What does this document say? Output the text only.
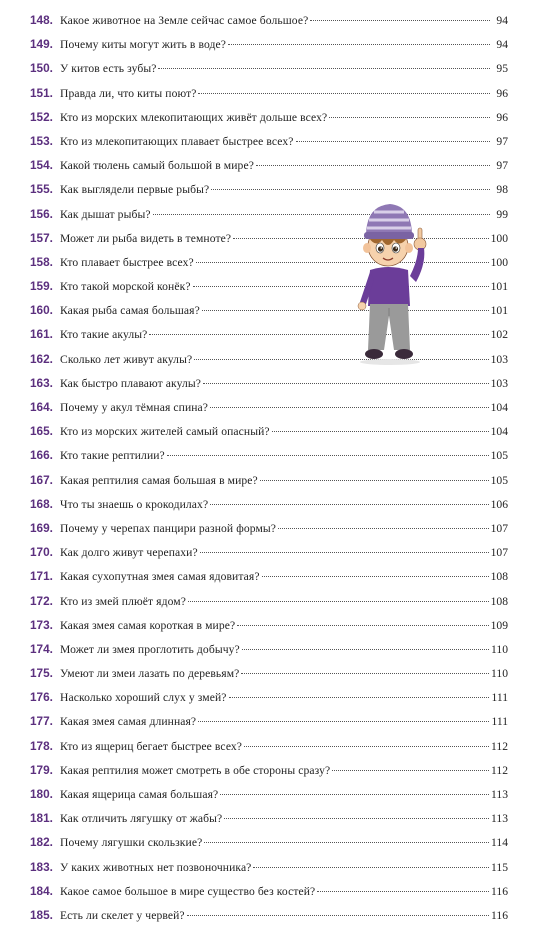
148. Какое животное на Земле сейчас самое большое?	94
149. Почему киты могут жить в воде?	94
150. У китов есть зубы?	95
151. Правда ли, что киты поют?	96
152. Кто из морских млекопитающих живёт дольше всех?	96
153. Кто из млекопитающих плавает быстрее всех?	97
154. Какой тюлень самый большой в мире?	97
155. Как выглядели первые рыбы?	98
156. Как дышат рыбы?	99
157. Может ли рыба видеть в темноте?	100
158. Кто плавает быстрее всех?	100
159. Кто такой морской конёк?	101
160. Какая рыба самая большая?	101
161. Кто такие акулы?	102
162. Сколько лет живут акулы?	103
163. Как быстро плавают акулы?	103
164. Почему у акул тёмная спина?	104
165. Кто из морских жителей самый опасный?	104
166. Кто такие рептилии?	105
167. Какая рептилия самая большая в мире?	105
168. Что ты знаешь о крокодилах?	106
169. Почему у черепах панцири разной формы?	107
170. Как долго живут черепахи?	107
171. Какая сухопутная змея самая ядовитая?	108
172. Кто из змей плюёт ядом?	108
173. Какая змея самая короткая в мире?	109
174. Может ли змея проглотить добычу?	110
175. Умеют ли змеи лазать по деревьям?	110
176. Насколько хороший слух у змей?	111
177. Какая змея самая длинная?	111
178. Кто из ящериц бегает быстрее всех?	112
179. Какая рептилия может смотреть в обе стороны сразу?	112
180. Какая ящерица самая большая?	113
181. Как отличить лягушку от жабы?	113
182. Почему лягушки скользкие?	114
183. У каких животных нет позвоночника?	115
184. Какое самое большое в мире существо без костей?	116
185. Есть ли скелет у червей?	116
